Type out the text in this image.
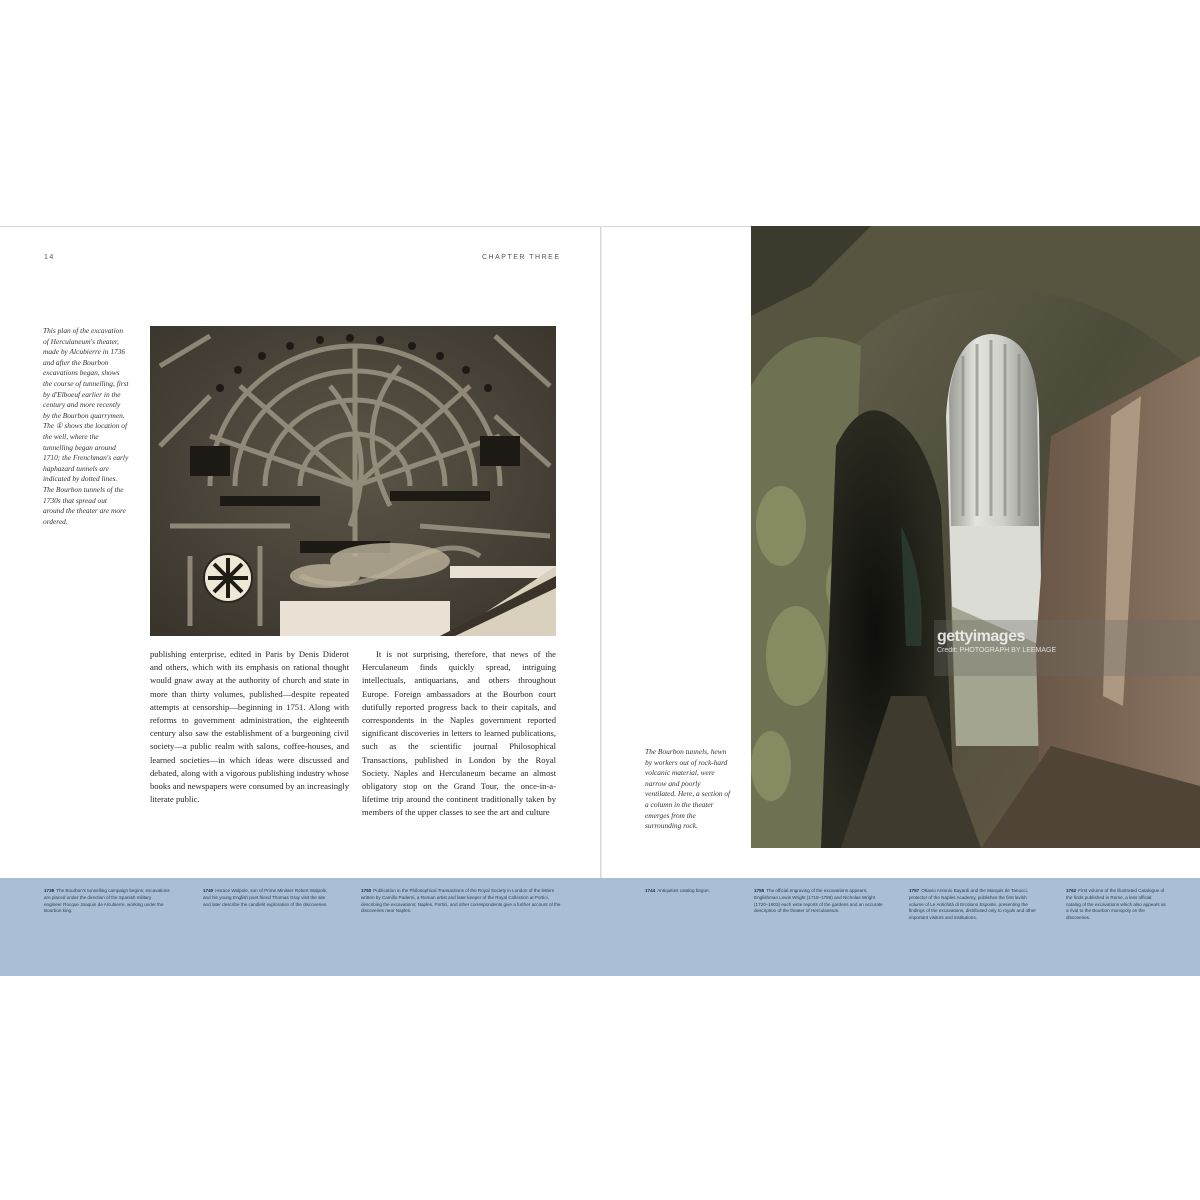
14	CHAPTER THREE
This plan of the excavation of Herculaneum's theater, made by Alcubierre in 1736 and after the Bourbon excavations began, shows the course of tunnelling, first by d'Elboeuf earlier in the century and more recently by the Bourbon quarrymen. The ① shows the location of the well, where the tunnelling began around 1710; the Frenchman's early haphazard tunnels are indicated by dotted lines. The Bourbon tunnels of the 1730s that spread out around the theater are more ordered.

publishing enterprise, edited in Paris by Denis Diderot and others, which with its emphasis on rational thought would gnaw away at the authority of church and state in more than thirty volumes, published—despite repeated attempts at censorship—beginning in 1751. Along with reforms to government administration, the eighteenth century also saw the establishment of a burgeoning civil society—a public realm with salons, coffee-houses, and learned societies—in which ideas were discussed and debated, along with a vigorous publishing industry whose books and newspapers were consumed by an increasingly literate public.

It is not surprising, therefore, that news of the Herculaneum finds quickly spread, intriguing intellectuals, antiquarians, and others throughout Europe. Foreign ambassadors at the Bourbon court dutifully reported progress back to their capitals, and correspondents in the Naples government reported significant discoveries in letters to learned publications, such as the scientific journal Philosophical Transactions, published in London by the Royal Society. Naples and Herculaneum became an almost obligatory stop on the Grand Tour, the once-in-a-lifetime trip around the continent traditionally taken by members of the upper classes to see the art and culture

The Bourbon tunnels, hewn by workers out of rock-hard volcanic material, were narrow and poorly ventilated. Here, a section of a column in the theater emerges from the surrounding rock.
gettyimages
Credit: PHOTOGRAPH BY LEEMAGE
1738 The Bourbon's tunnelling campaign begins; excavations are placed under the direction of the Spanish military engineer Rocque Joaquin de Alcubierre, working under the Bourbon king.
1740 Horace Walpole, son of Prime Minister Robert Walpole, and his young English poet friend Thomas Gray visit the site and later describe the candlelit exploration of the discoveries.
1750 Publication in the Philosophical Transactions of the Royal Society in London of the letters written by Camillo Paderni, a Roman artist and later keeper of the Royal Collection at Portici, describing the excavations; Naples, Portici, and other correspondents give a further account of the discoveries near Naples.
1744 Antiquities catalog begun.	1755 The official engraving of the excavations appears; Englishman Lewis Wright (1718–1786) and Nicholas Wright (1720–1803) each write reports of the gardens and an accurate description of the theater of Herculaneum.
1757 Ottavio Antonio Bayardi and the Marquis de Tanucci, protector of the Naples Academy, publishes the first lavish volume of Le Antichità di Ercolano Esposte, presenting the findings of the excavations, distributed only to royals and other important visitors and institutions.
1762 First volume of the illustrated Catalogue of the finds published in Rome, a less official catalog of the excavations which also appears as a rival to the Bourbon monopoly on the discoveries.
